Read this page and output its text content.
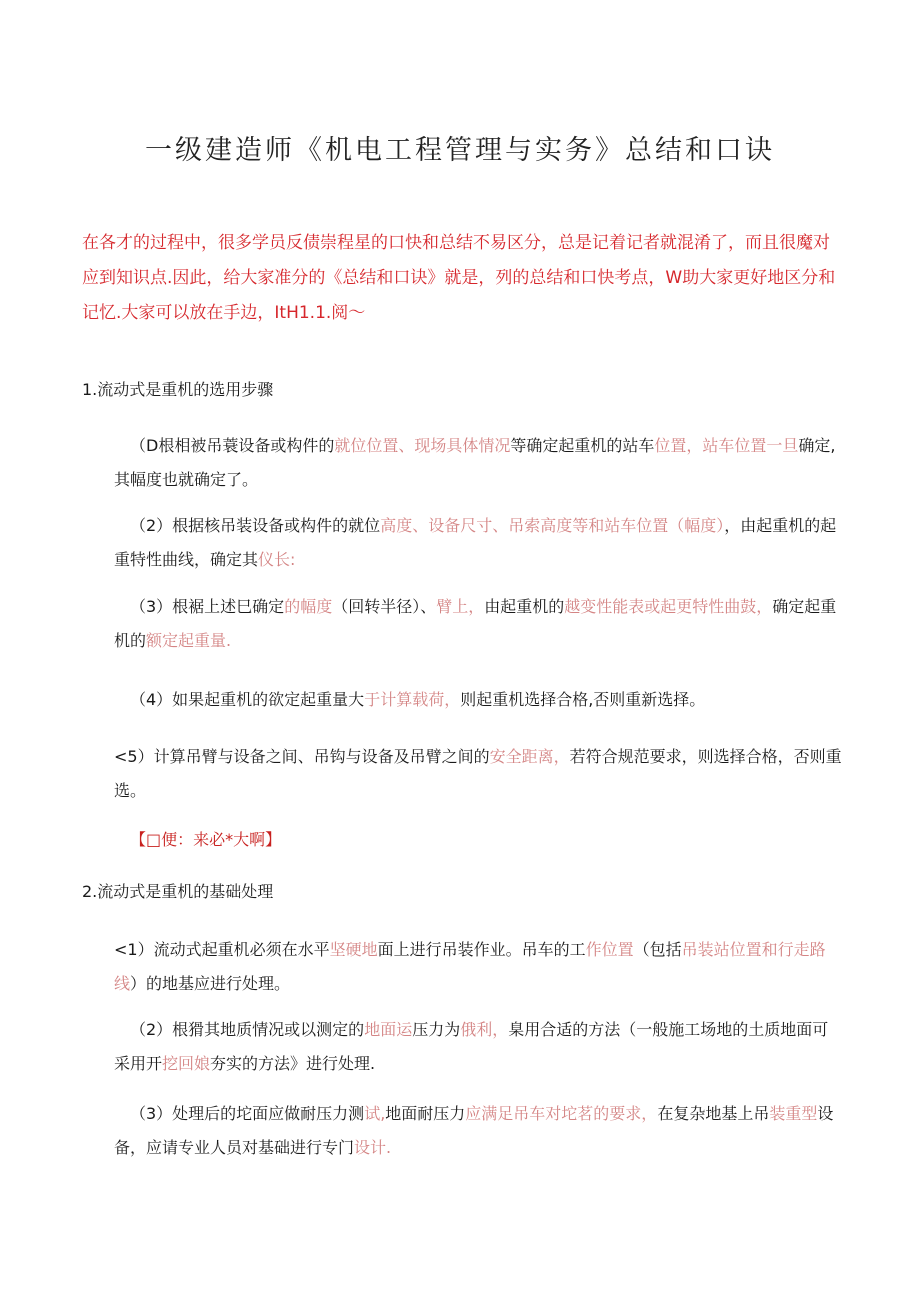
一级建造师《机电工程管理与实务》总结和口诀
在各才的过程中，很多学员反债崇程星的口快和总结不易区分，总是记着记者就混淆了，而且很魔对应到知识点.因此，给大家准分的《总结和口诀》就是，列的总结和口快考点，W助大家更好地区分和记忆.大家可以放在手边，ItH1.1.阅〜
1.流动式是重机的选用步骤
（D根相被吊蓑设备或构件的就位位置、现场具体情况等确定起重机的站车位置，站车位置一旦确定,其幅度也就确定了。
（2）根据核吊装设备或构件的就位高度、设备尺寸、吊索高度等和站车位置（幅度），由起重机的起重特性曲线，确定其仪长:
（3）根裾上述巳确定的幅度（回转半径）、臂上，由起重机的越变性能表或起更特性曲鼓，确定起重机的额定起重量.
（4）如果起重机的欲定起重量大于计算载荷，则起重机选择合格,否则重新选择。
<5）计算吊臂与设备之间、吊钩与设备及吊臂之间的安全距离，若符合规范要求，则选择合格，否则重选。
【□便：来必*大啊】
2.流动式是重机的基础处理
<1）流动式起重机必须在水平坚硬地面上进行吊装作业。吊车的工作位置（包括吊装站位置和行走路线）的地基应进行处理。
（2）根猾其地质情况或以测定的地面运压力为俄利，臬用合适的方法（一般施工场地的土质地面可采用开挖回娘夯实的方法》进行处理.
（3）处理后的坨面应做耐压力测试,地面耐压力应满足吊车对坨茗的要求，在复杂地基上吊装重型设备，应请专业人员对基础进行专门设计.
